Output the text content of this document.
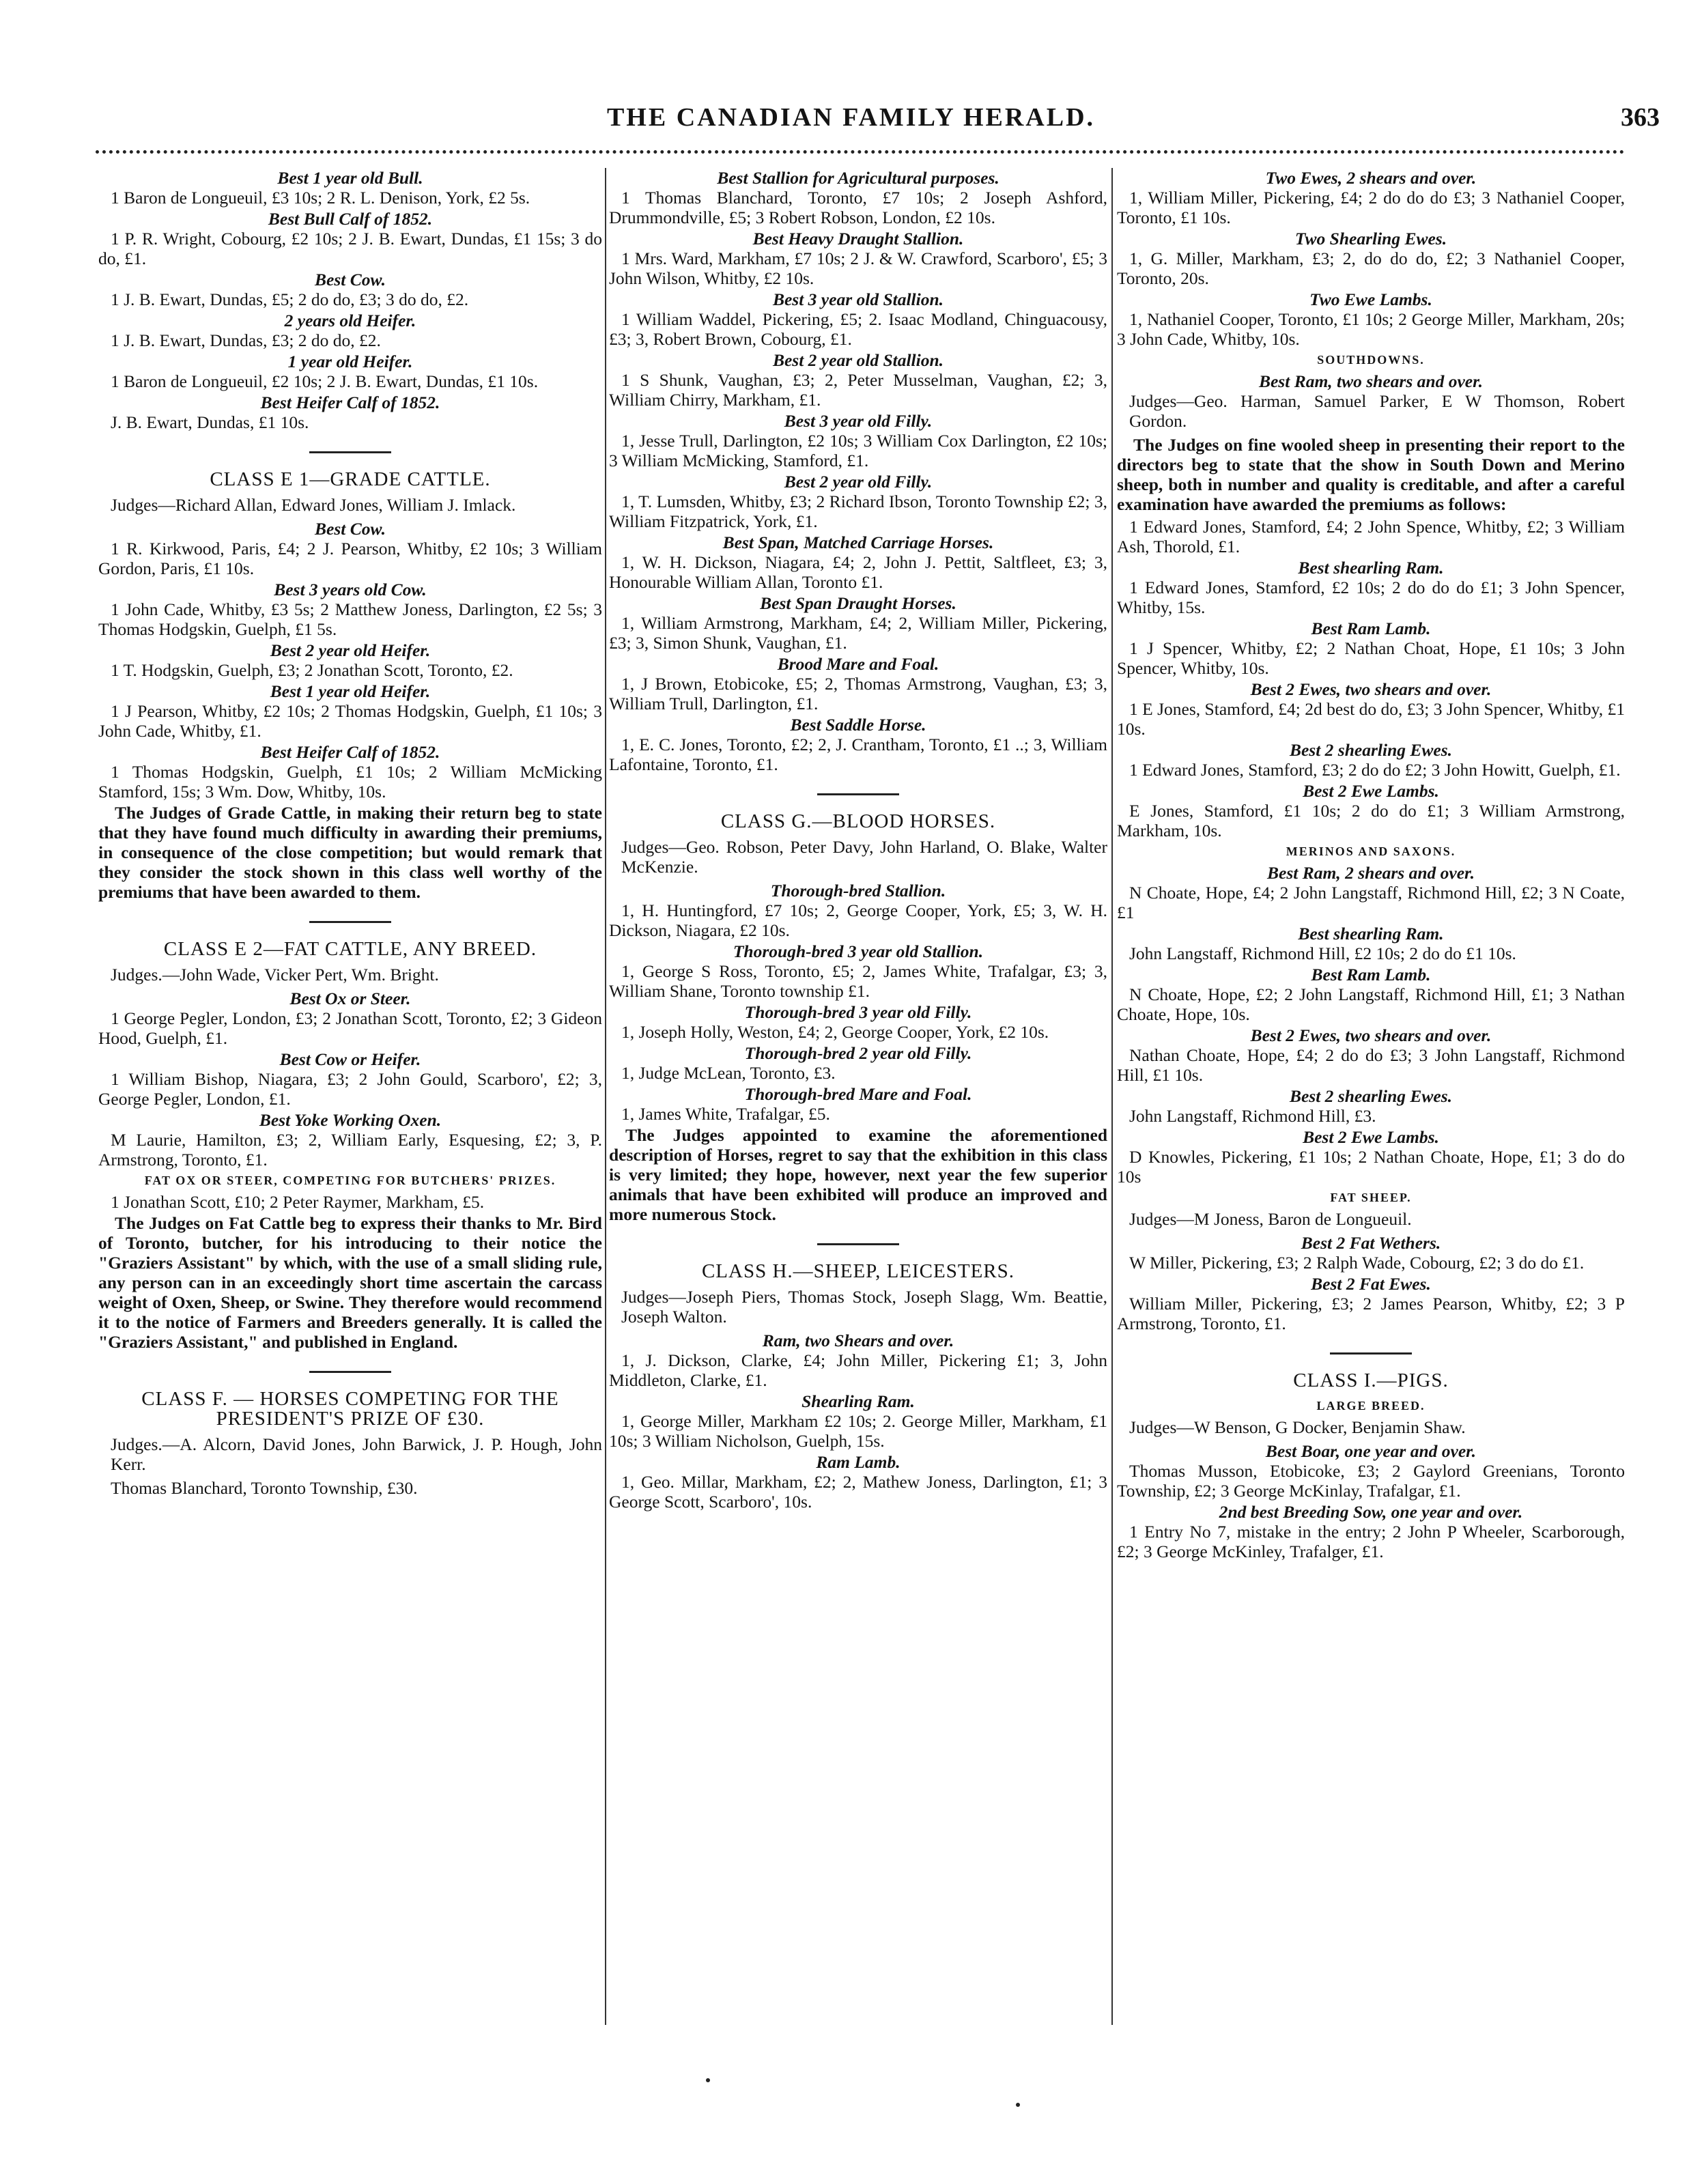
THE CANADIAN FAMILY HERALD.	363

Best 1 year old Bull.

1 Baron de Longueuil, £3 10s; 2 R. L. Denison, York, £2 5s.

Best Bull Calf of 1852.

1 P. R. Wright, Cobourg, £2 10s; 2 J. B. Ewart, Dundas, £1 15s; 3 do do, £1.

Best Cow.

1 J. B. Ewart, Dundas, £5; 2 do do, £3; 3 do do, £2.

2 years old Heifer.

1 J. B. Ewart, Dundas, £3; 2 do do, £2.

1 year old Heifer.

1 Baron de Longueuil, £2 10s; 2 J. B. Ewart, Dundas, £1 10s.

Best Heifer Calf of 1852.

J. B. Ewart, Dundas, £1 10s.

CLASS E 1—GRADE CATTLE.

Judges—Richard Allan, Edward Jones, William J. Imlack.

Best Cow.

1 R. Kirkwood, Paris, £4; 2 J. Pearson, Whitby, £2 10s; 3 William Gordon, Paris, £1 10s.

Best 3 years old Cow.

1 John Cade, Whitby, £3 5s; 2 Matthew Joness, Darlington, £2 5s; 3 Thomas Hodgskin, Guelph, £1 5s.

Best 2 year old Heifer.

1 T. Hodgskin, Guelph, £3; 2 Jonathan Scott, Toronto, £2.

Best 1 year old Heifer.

1 J Pearson, Whitby, £2 10s; 2 Thomas Hodgskin, Guelph, £1 10s; 3 John Cade, Whitby, £1.

Best Heifer Calf of 1852.

1 Thomas Hodgskin, Guelph, £1 10s; 2 William McMicking Stamford, 15s; 3 Wm. Dow, Whitby, 10s.

The Judges of Grade Cattle, in making their return beg to state that they have found much difficulty in awarding their premiums, in consequence of the close competition; but would remark that they consider the stock shown in this class well worthy of the premiums that have been awarded to them.

CLASS E 2—FAT CATTLE, ANY BREED.

Judges.—John Wade, Vicker Pert, Wm. Bright.

Best Ox or Steer.

1 George Pegler, London, £3; 2 Jonathan Scott, Toronto, £2; 3 Gideon Hood, Guelph, £1.

Best Cow or Heifer.

1 William Bishop, Niagara, £3; 2 John Gould, Scarboro', £2; 3, George Pegler, London, £1.

Best Yoke Working Oxen.

M Laurie, Hamilton, £3; 2, William Early, Esquesing, £2; 3, P. Armstrong, Toronto, £1.

FAT OX OR STEER, COMPETING FOR BUTCHERS' PRIZES.

1 Jonathan Scott, £10; 2 Peter Raymer, Markham, £5.

The Judges on Fat Cattle beg to express their thanks to Mr. Bird of Toronto, butcher, for his introducing to their notice the "Graziers Assistant" by which, with the use of a small sliding rule, any person can in an exceedingly short time ascertain the carcass weight of Oxen, Sheep, or Swine. They therefore would recommend it to the notice of Farmers and Breeders generally. It is called the "Graziers Assistant," and published in England.

CLASS F. — HORSES COMPETING FOR THE PRESIDENT'S PRIZE OF £30.

Judges.—A. Alcorn, David Jones, John Barwick, J. P. Hough, John Kerr.

Thomas Blanchard, Toronto Township, £30.

Best Stallion for Agricultural purposes.

1 Thomas Blanchard, Toronto, £7 10s; 2 Joseph Ashford, Drummondville, £5; 3 Robert Robson, London, £2 10s.

Best Heavy Draught Stallion.

1 Mrs. Ward, Markham, £7 10s; 2 J. & W. Crawford, Scarboro', £5; 3 John Wilson, Whitby, £2 10s.

Best 3 year old Stallion.

1 William Waddel, Pickering, £5; 2. Isaac Modland, Chinguacousy, £3; 3, Robert Brown, Cobourg, £1.

Best 2 year old Stallion.

1 S Shunk, Vaughan, £3; 2, Peter Musselman, Vaughan, £2; 3, William Chirry, Markham, £1.

Best 3 year old Filly.

1, Jesse Trull, Darlington, £2 10s; 3 William Cox Darlington, £2 10s; 3 William McMicking, Stamford, £1.

Best 2 year old Filly.

1, T. Lumsden, Whitby, £3; 2 Richard Ibson, Toronto Township £2; 3, William Fitzpatrick, York, £1.

Best Span, Matched Carriage Horses.

1, W. H. Dickson, Niagara, £4; 2, John J. Pettit, Saltfleet, £3; 3, Honourable William Allan, Toronto £1.

Best Span Draught Horses.

1, William Armstrong, Markham, £4; 2, William Miller, Pickering, £3; 3, Simon Shunk, Vaughan, £1.

Brood Mare and Foal.

1, J Brown, Etobicoke, £5; 2, Thomas Armstrong, Vaughan, £3; 3, William Trull, Darlington, £1.

Best Saddle Horse.

1, E. C. Jones, Toronto, £2; 2, J. Crantham, Toronto, £1 ..; 3, William Lafontaine, Toronto, £1.

CLASS G.—BLOOD HORSES.

Judges—Geo. Robson, Peter Davy, John Harland, O. Blake, Walter McKenzie.

Thorough-bred Stallion.

1, H. Huntingford, £7 10s; 2, George Cooper, York, £5; 3, W. H. Dickson, Niagara, £2 10s.

Thorough-bred 3 year old Stallion.

1, George S Ross, Toronto, £5; 2, James White, Trafalgar, £3; 3, William Shane, Toronto township £1.

Thorough-bred 3 year old Filly.

1, Joseph Holly, Weston, £4; 2, George Cooper, York, £2 10s.

Thorough-bred 2 year old Filly.

1, Judge McLean, Toronto, £3.

Thorough-bred Mare and Foal.

1, James White, Trafalgar, £5.

The Judges appointed to examine the aforementioned description of Horses, regret to say that the exhibition in this class is very limited; they hope, however, next year the few superior animals that have been exhibited will produce an improved and more numerous Stock.

CLASS H.—SHEEP, LEICESTERS.

Judges—Joseph Piers, Thomas Stock, Joseph Slagg, Wm. Beattie, Joseph Walton.

Ram, two Shears and over.

1, J. Dickson, Clarke, £4; John Miller, Pickering £1; 3, John Middleton, Clarke, £1.

Shearling Ram.

1, George Miller, Markham £2 10s; 2. George Miller, Markham, £1 10s; 3 William Nicholson, Guelph, 15s.

Ram Lamb.

1, Geo. Millar, Markham, £2; 2, Mathew Joness, Darlington, £1; 3 George Scott, Scarboro', 10s.

Two Ewes, 2 shears and over.

1, William Miller, Pickering, £4; 2 do do do £3; 3 Nathaniel Cooper, Toronto, £1 10s.

Two Shearling Ewes.

1, G. Miller, Markham, £3; 2, do do do, £2; 3 Nathaniel Cooper, Toronto, 20s.

Two Ewe Lambs.

1, Nathaniel Cooper, Toronto, £1 10s; 2 George Miller, Markham, 20s; 3 John Cade, Whitby, 10s.

SOUTHDOWNS.

Best Ram, two shears and over.

Judges—Geo. Harman, Samuel Parker, E W Thomson, Robert Gordon.

The Judges on fine wooled sheep in presenting their report to the directors beg to state that the show in South Down and Merino sheep, both in number and quality is creditable, and after a careful examination have awarded the premiums as follows:

1 Edward Jones, Stamford, £4; 2 John Spence, Whitby, £2; 3 William Ash, Thorold, £1.

Best shearling Ram.

1 Edward Jones, Stamford, £2 10s; 2 do do do £1; 3 John Spencer, Whitby, 15s.

Best Ram Lamb.

1 J Spencer, Whitby, £2; 2 Nathan Choat, Hope, £1 10s; 3 John Spencer, Whitby, 10s.

Best 2 Ewes, two shears and over.

1 E Jones, Stamford, £4; 2d best do do, £3; 3 John Spencer, Whitby, £1 10s.

Best 2 shearling Ewes.

1 Edward Jones, Stamford, £3; 2 do do £2; 3 John Howitt, Guelph, £1.

Best 2 Ewe Lambs.

E Jones, Stamford, £1 10s; 2 do do £1; 3 William Armstrong, Markham, 10s.

MERINOS AND SAXONS.

Best Ram, 2 shears and over.

N Choate, Hope, £4; 2 John Langstaff, Richmond Hill, £2; 3 N Coate, £1

Best shearling Ram.

John Langstaff, Richmond Hill, £2 10s; 2 do do £1 10s.

Best Ram Lamb.

N Choate, Hope, £2; 2 John Langstaff, Richmond Hill, £1; 3 Nathan Choate, Hope, 10s.

Best 2 Ewes, two shears and over.

Nathan Choate, Hope, £4; 2 do do £3; 3 John Langstaff, Richmond Hill, £1 10s.

Best 2 shearling Ewes.

John Langstaff, Richmond Hill, £3.

Best 2 Ewe Lambs.

D Knowles, Pickering, £1 10s; 2 Nathan Choate, Hope, £1; 3 do do 10s

FAT SHEEP.

Judges—M Joness, Baron de Longueuil.

Best 2 Fat Wethers.

W Miller, Pickering, £3; 2 Ralph Wade, Cobourg, £2; 3 do do £1.

Best 2 Fat Ewes.

William Miller, Pickering, £3; 2 James Pearson, Whitby, £2; 3 P Armstrong, Toronto, £1.

CLASS I.—PIGS.

LARGE BREED.

Judges—W Benson, G Docker, Benjamin Shaw.

Best Boar, one year and over.

Thomas Musson, Etobicoke, £3; 2 Gaylord Greenians, Toronto Township, £2; 3 George McKinlay, Trafalgar, £1.

2nd best Breeding Sow, one year and over.

1 Entry No 7, mistake in the entry; 2 John P Wheeler, Scarborough, £2; 3 George McKinley, Trafalger, £1.
